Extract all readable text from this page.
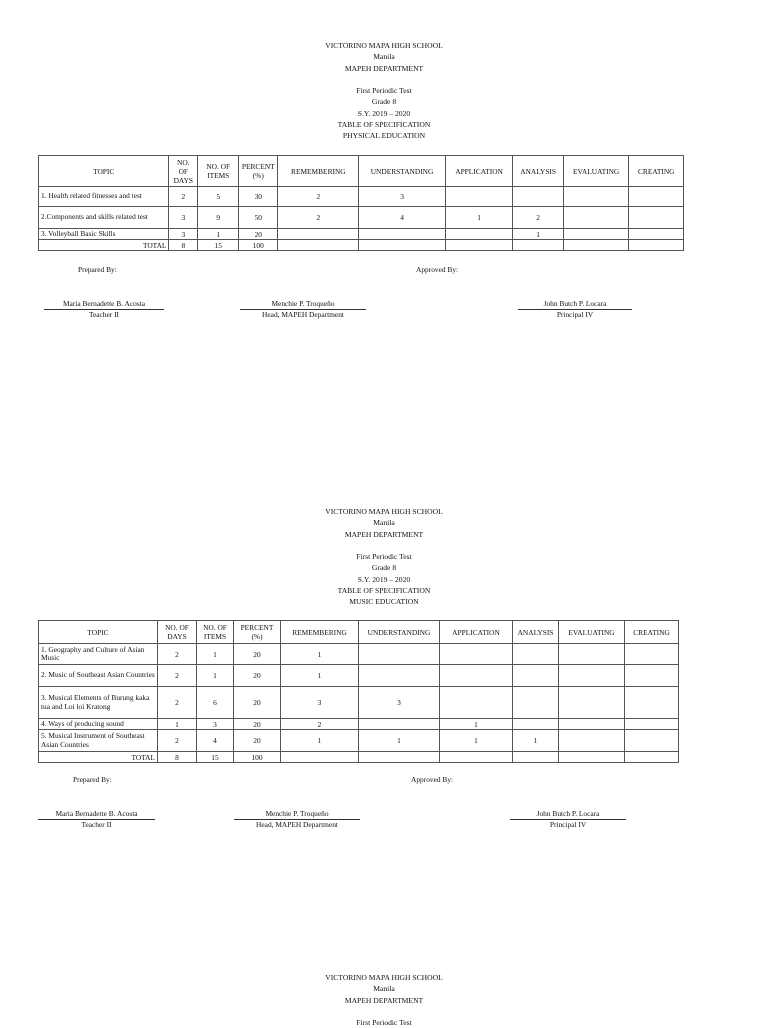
VICTORINO MAPA HIGH SCHOOL
Manila
MAPEH DEPARTMENT
First Periodic Test
Grade 8
S.Y. 2019 – 2020
TABLE OF SPECIFICATION
PHYSICAL EDUCATION
TOPIC	NO. OF DAYS	NO. OF ITEMS	PERCENT (%)	REMEMBERING	UNDERSTANDING	APPLICATION	ANALYSIS	EVALUATING	CREATING
1. Health related fitnesses and test	2	5	30	2	3				
2.Components and skills related test	3	9	50	2	4	1	2		
3. Volleyball Basic Skills	3	1	20				1		
TOTAL	8	15	100						
Prepared By:	Approved By:
Maria Bernadette B. Acosta
Teacher II
Menchie P. Troqueño
Head, MAPEH Department
John Butch P. Locara
Principal IV
VICTORINO MAPA HIGH SCHOOL
Manila
MAPEH DEPARTMENT
First Periodic Test
Grade 8
S.Y. 2019 – 2020
TABLE OF SPECIFICATION
MUSIC EDUCATION
TOPIC	NO. OF DAYS	NO. OF ITEMS	PERCENT (%)	REMEMBERING	UNDERSTANDING	APPLICATION	ANALYSIS	EVALUATING	CREATING
1. Geography and Culture of Asian Music	2	1	20	1					
2. Music of Southeast Asian Countries	2	1	20	1					
3. Musical Elements of Burung kaka tua and Loi loi Kratong	2	6	20	3	3				
4. Ways of producing sound	1	3	20	2		1			
5. Musical Instrument of Southeast Asian Countries	2	4	20	1	1	1	1		
TOTAL	8	15	100						
Prepared By:	Approved By:
Maria Bernadette B. Acosta
Teacher II
Menchie P. Troqueño
Head, MAPEH Department
John Butch P. Locara
Principal IV
VICTORINO MAPA HIGH SCHOOL
Manila
MAPEH DEPARTMENT
First Periodic Test
